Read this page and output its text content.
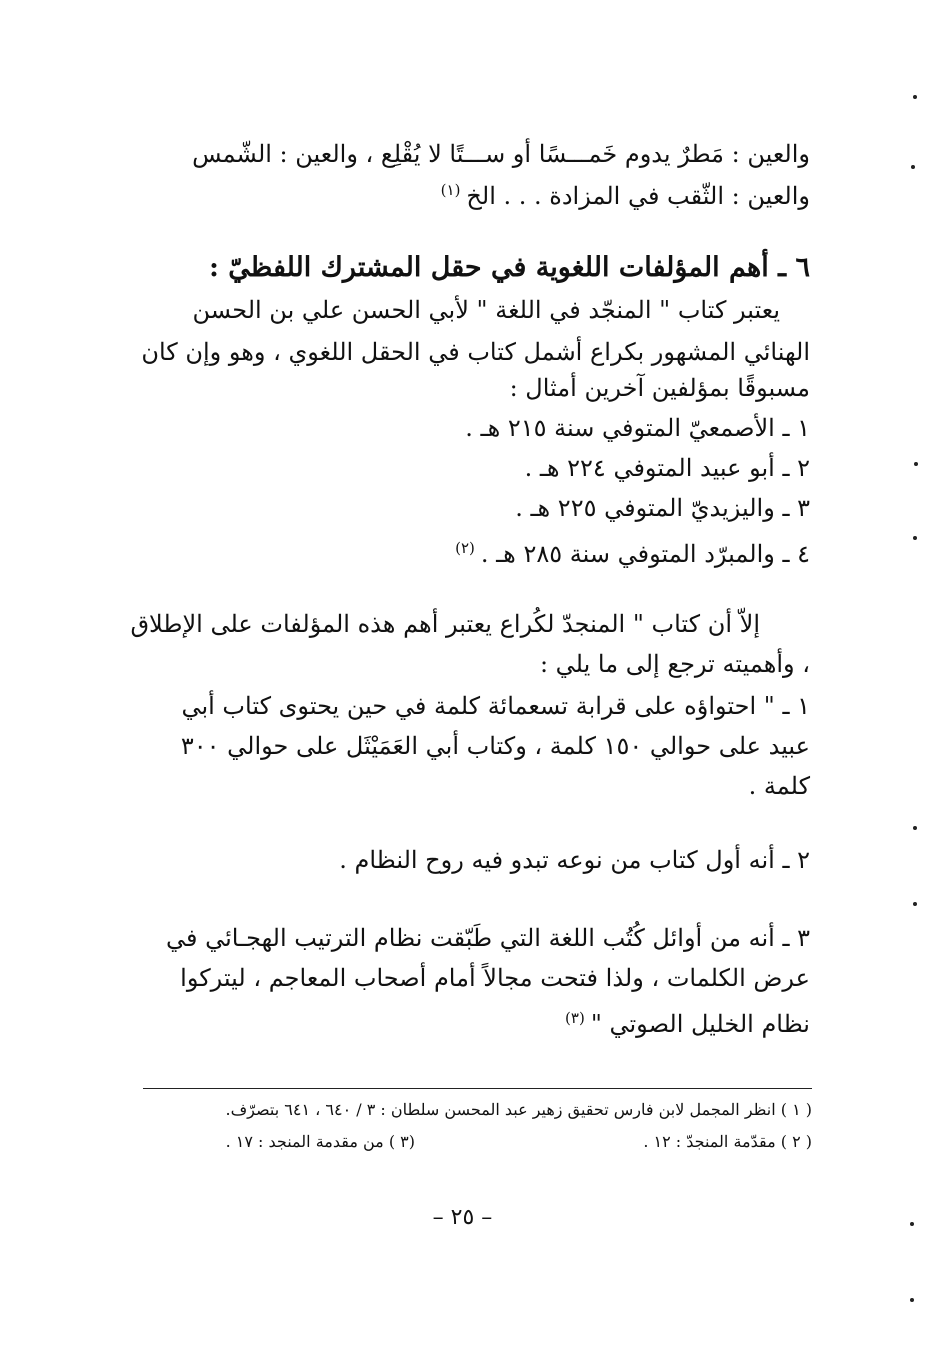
والعين : مَطرٌ يدوم خَمـــسًا أو ســـتًا لا يُقْلِع ، والعين : الشّمس

والعين : الثّقب في المزادة . . . الخ$^{(١)}$

٦ ـ أهم المؤلفات اللغوية في حقل المشترك اللفظيّ :

يعتبر كتاب " المنجّد في اللغة " لأبي الحسن علي بن الحسن

الهنائي المشهور بكراع أشمل كتاب في الحقل اللغوي ، وهو وإن كان

مسبوقًا بمؤلفين آخرين أمثال :

١ ـ الأصمعيّ المتوفي سنة ٢١٥ هـ .

٢ ـ أبو عبيد المتوفي ٢٢٤ هـ .

٣ ـ واليزيديّ المتوفي ٢٢٥ هـ .

٤ ـ والمبرّد المتوفي سنة ٢٨٥ هـ .$^{(٢)}$

إلاّ أن كتاب " المنجدّ لكُراع يعتبر أهم هذه المؤلفات على الإطلاق

، وأهميته ترجع إلى ما يلي :

١ ـ " احتواؤه على قرابة تسعمائة كلمة في حين يحتوى كتاب أبي

عبيد على حوالي ١٥٠ كلمة ، وكتاب أبي العَمَيْثَل على حوالي ٣٠٠

كلمة .

٢ ـ أنه أول كتاب من نوعه تبدو فيه روح النظام .

٣ ـ أنه من أوائل كُتُب اللغة التي طَبّقت نظام الترتيب الهجـائي في

عرض الكلمات ، ولذا فتحت مجالاً أمام أصحاب المعاجم ، ليتركوا

نظام الخليل الصوتي "$^{(٣)}$

( ١ ) انظر المجمل لابن فارس تحقيق زهير عبد المحسن سلطان : ٣ / ٦٤٠ ، ٦٤١ بتصرّف.

( ٢ ) مقدّمة المنجدّ : ١٢ .

(٣ ) من مقدمة المنجد : ١٧ .

– ٢٥ –
